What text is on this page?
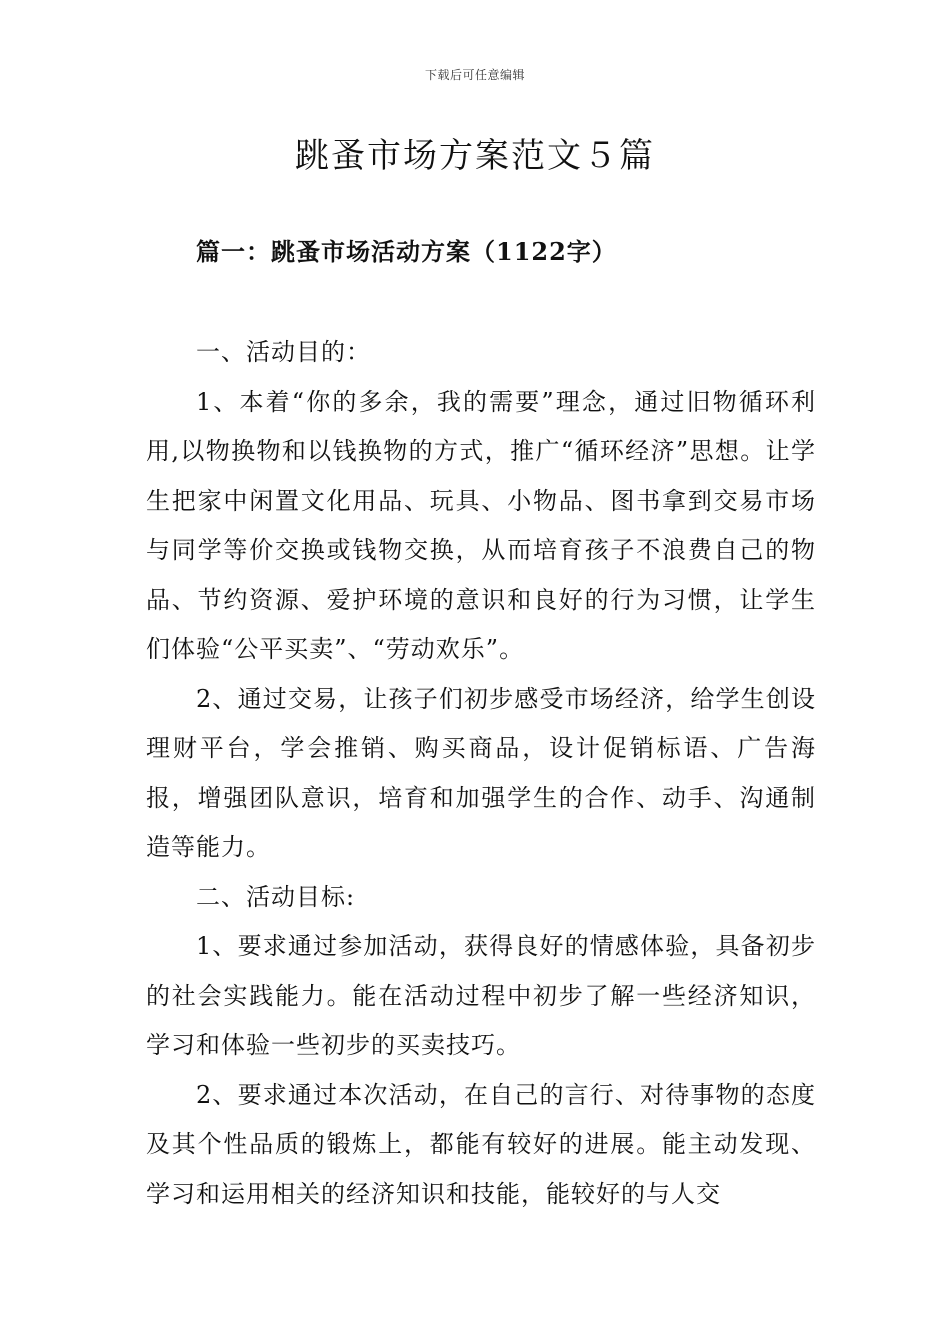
下载后可任意编辑
跳蚤市场方案范文５篇
篇一：跳蚤市场活动方案（1122字）

一、活动目的：

1、本着“你的多余，我的需要”理念，通过旧物循环利用,以物换物和以钱换物的方式，推广“循环经济”思想。让学生把家中闲置文化用品、玩具、小物品、图书拿到交易市场与同学等价交换或钱物交换，从而培育孩子不浪费自己的物品、节约资源、爱护环境的意识和良好的行为习惯，让学生们体验“公平买卖”、“劳动欢乐”。

2、通过交易，让孩子们初步感受市场经济，给学生创设理财平台，学会推销、购买商品，设计促销标语、广告海报，增强团队意识，培育和加强学生的合作、动手、沟通制造等能力。

二、活动目标:

1、要求通过参加活动，获得良好的情感体验，具备初步的社会实践能力。能在活动过程中初步了解一些经济知识，学习和体验一些初步的买卖技巧。

2、要求通过本次活动，在自己的言行、对待事物的态度及其个性品质的锻炼上，都能有较好的进展。能主动发现、学习和运用相关的经济知识和技能，能较好的与人交
